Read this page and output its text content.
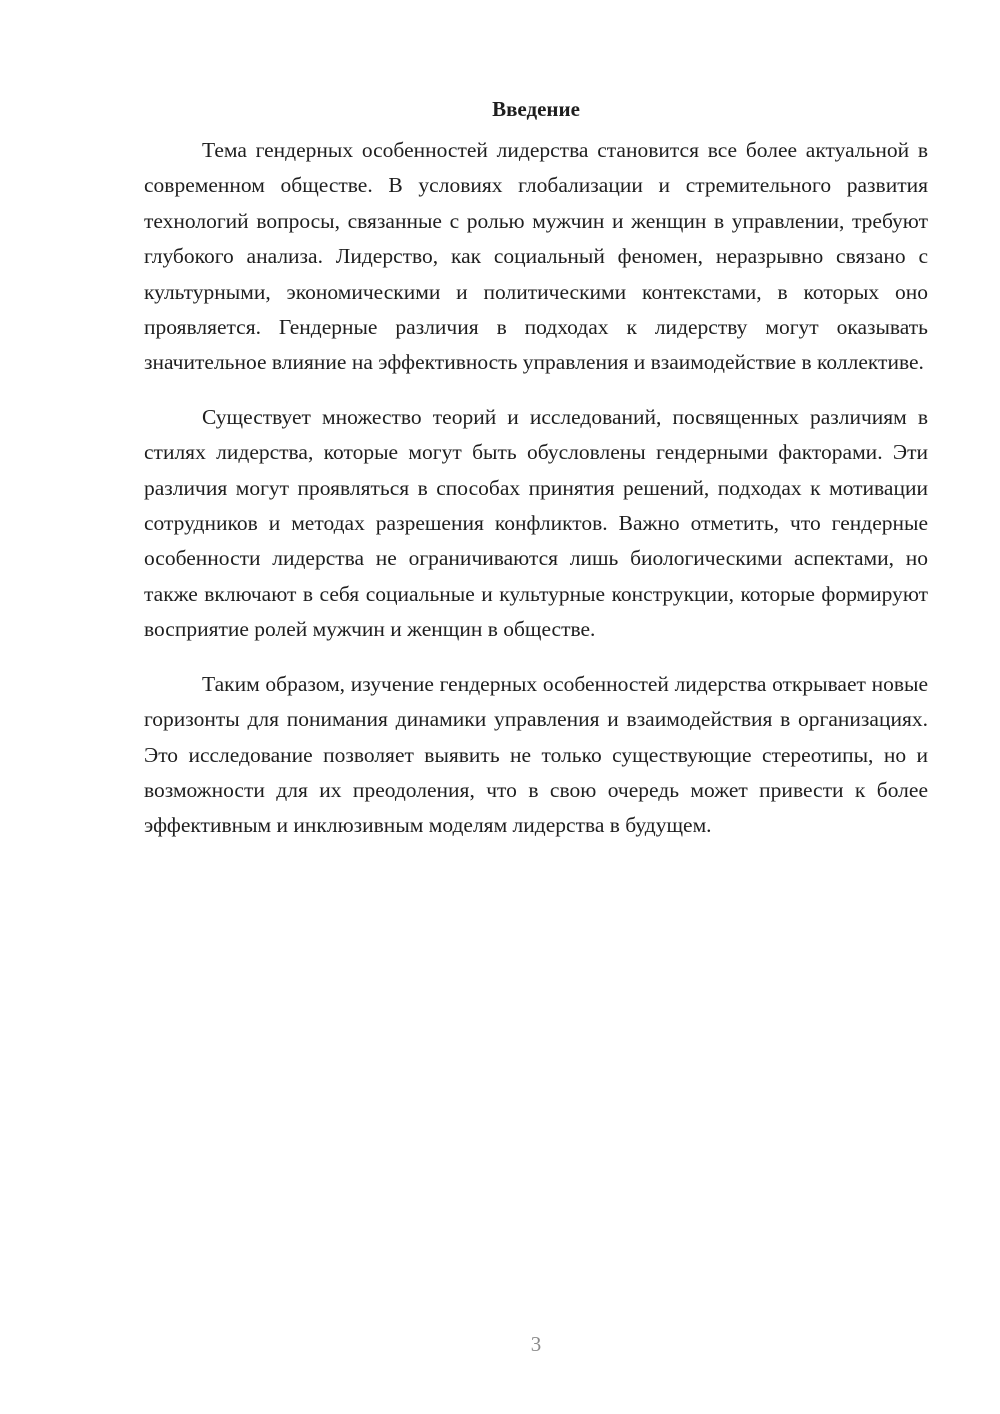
Введение

Тема гендерных особенностей лидерства становится все более актуальной в современном обществе. В условиях глобализации и стремительного развития технологий вопросы, связанные с ролью мужчин и женщин в управлении, требуют глубокого анализа. Лидерство, как социальный феномен, неразрывно связано с культурными, экономическими и политическими контекстами, в которых оно проявляется. Гендерные различия в подходах к лидерству могут оказывать значительное влияние на эффективность управления и взаимодействие в коллективе.

Существует множество теорий и исследований, посвященных различиям в стилях лидерства, которые могут быть обусловлены гендерными факторами. Эти различия могут проявляться в способах принятия решений, подходах к мотивации сотрудников и методах разрешения конфликтов. Важно отметить, что гендерные особенности лидерства не ограничиваются лишь биологическими аспектами, но также включают в себя социальные и культурные конструкции, которые формируют восприятие ролей мужчин и женщин в обществе.

Таким образом, изучение гендерных особенностей лидерства открывает новые горизонты для понимания динамики управления и взаимодействия в организациях. Это исследование позволяет выявить не только существующие стереотипы, но и возможности для их преодоления, что в свою очередь может привести к более эффективным и инклюзивным моделям лидерства в будущем.

3
